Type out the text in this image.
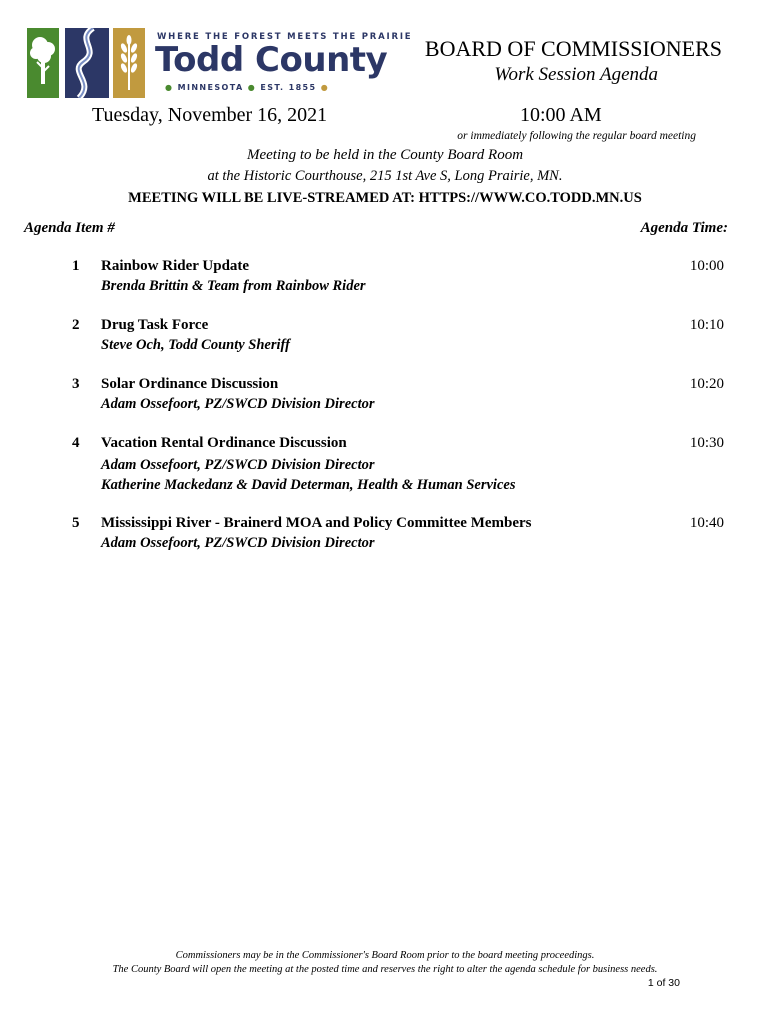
WHERE THE FOREST MEETS THE PRAIRIE
Todd County
● MINNESOTA ● EST. 1855 ●
BOARD OF COMMISSIONERS
Work Session Agenda
Tuesday, November 16, 2021	10:00 AM
or immediately following the regular board meeting
Meeting to be held in the County Board Room
at the Historic Courthouse, 215 1st Ave S, Long Prairie, MN.
MEETING WILL BE LIVE-STREAMED AT: HTTPS://WWW.CO.TODD.MN.US
Agenda Item #	Agenda Time:
1 Rainbow Rider Update	10:00
Brenda Brittin & Team from Rainbow Rider
2 Drug Task Force	10:10
Steve Och, Todd County Sheriff
3 Solar Ordinance Discussion	10:20
Adam Ossefoort, PZ/SWCD Division Director
4 Vacation Rental Ordinance Discussion	10:30
Adam Ossefoort, PZ/SWCD Division Director
Katherine Mackedanz & David Determan, Health & Human Services
5 Mississippi River - Brainerd MOA and Policy Committee Members	10:40
Adam Ossefoort, PZ/SWCD Division Director
Commissioners may be in the Commissioner's Board Room prior to the board meeting proceedings.
The County Board will open the meeting at the posted time and reserves the right to alter the agenda schedule for business needs.
1 of 30
